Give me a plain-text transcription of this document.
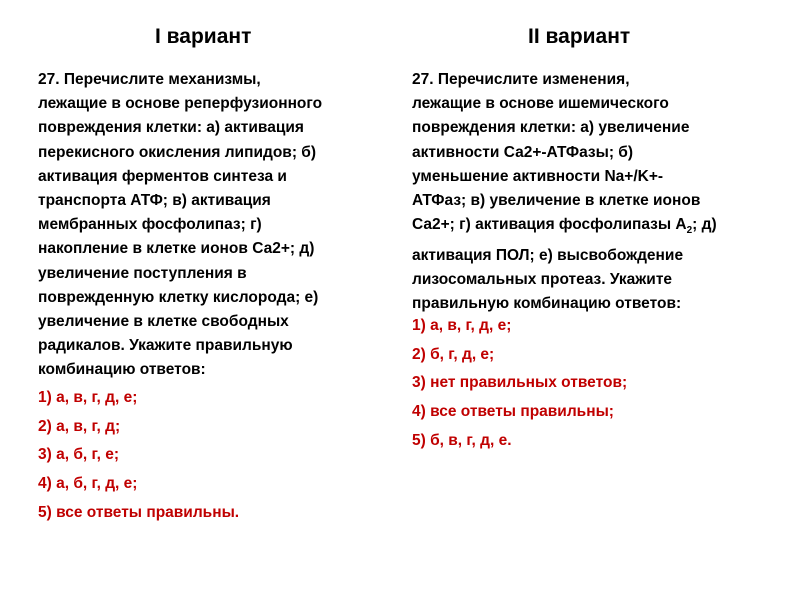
I вариант

27. Перечислите механизмы,
лежащие в основе реперфузионного
повреждения клетки: а) активация
перекисного окисления липидов; б)
активация ферментов синтеза и
транспорта АТФ; в) активация
мембранных фосфолипаз; г)
накопление в клетке ионов Са2+; д)
увеличение поступления в
поврежденную клетку кислорода; е)
увеличение в клетке свободных
радикалов. Укажите правильную
комбинацию ответов:

1) а, в, г, д, е;
2) а, в, г, д;
3) а, б, г, е;
4) а, б, г, д, е;
5) все ответы правильны.
II вариант

27. Перечислите изменения,
лежащие в основе ишемического
повреждения клетки: а) увеличение
активности Са2+-АТФазы; б)
уменьшение активности Na+/K+-
АТФаз; в) увеличение в клетке ионов
Са2+; г) активация фосфолипазы $А_2$; д)
активация ПОЛ; е) высвобождение
лизосомальных протеаз. Укажите
правильную комбинацию ответов:

1) а, в, г, д, е;
2) б, г, д, е;
3) нет правильных ответов;
4) все ответы правильны;
5) б, в, г, д, е.
